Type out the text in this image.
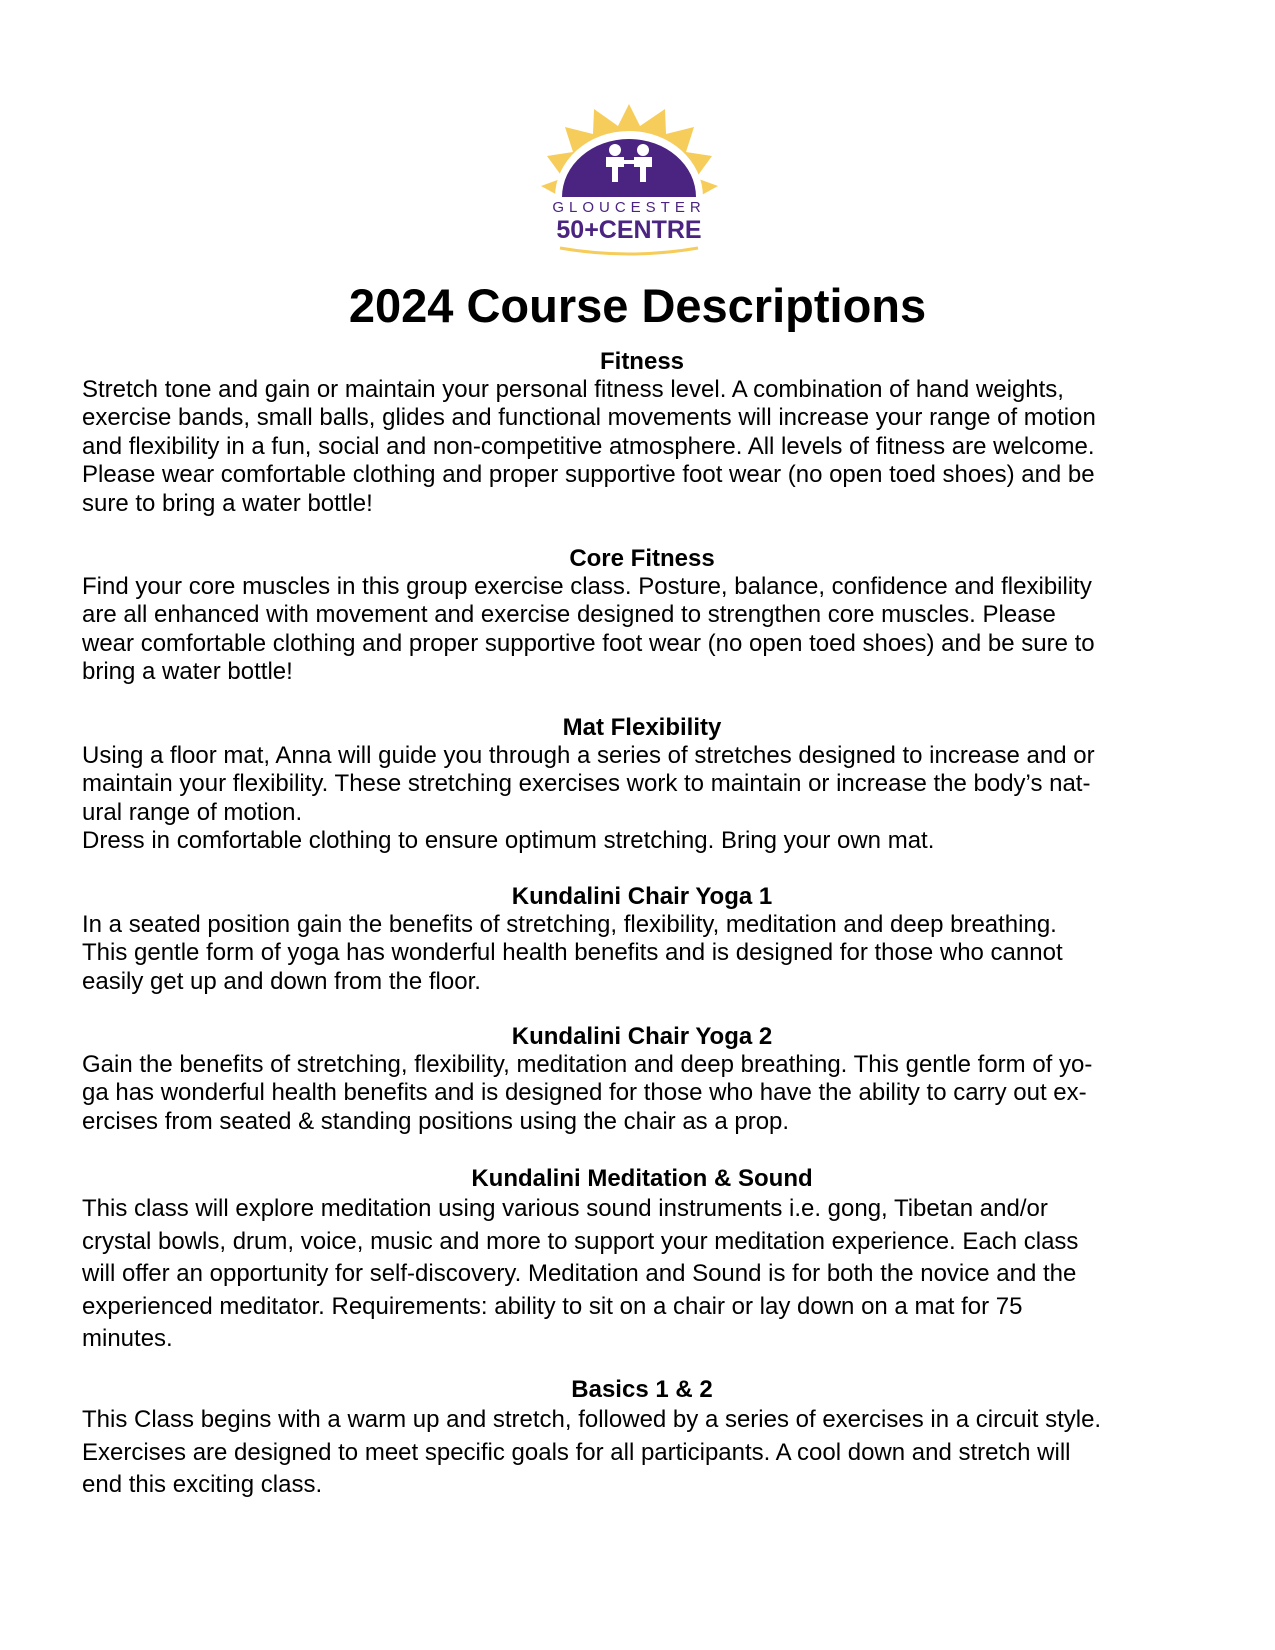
GLOUCESTER
50+CENTRE
2024 Course Descriptions
Fitness

Stretch tone and gain or maintain your personal fitness level. A combination of hand weights,

exercise bands, small balls, glides and functional movements will increase your range of motion

and flexibility in a fun, social and non-competitive atmosphere. All levels of fitness are welcome.

Please wear comfortable clothing and proper supportive foot wear (no open toed shoes) and be

sure to bring a water bottle!

Core Fitness

Find your core muscles in this group exercise class. Posture, balance, confidence and flexibility

are all enhanced with movement and exercise designed to strengthen core muscles. Please

wear comfortable clothing and proper supportive foot wear (no open toed shoes) and be sure to

bring a water bottle!

Mat Flexibility

Using a floor mat, Anna will guide you through a series of stretches designed to increase and or

maintain your flexibility. These stretching exercises work to maintain or increase the body’s nat-

ural range of motion.

Dress in comfortable clothing to ensure optimum stretching. Bring your own mat.

Kundalini Chair Yoga 1

In a seated position gain the benefits of stretching, flexibility, meditation and deep breathing.

This gentle form of yoga has wonderful health benefits and is designed for those who cannot

easily get up and down from the floor.

Kundalini Chair Yoga 2

Gain the benefits of stretching, flexibility, meditation and deep breathing. This gentle form of yo-

ga has wonderful health benefits and is designed for those who have the ability to carry out ex-

ercises from seated & standing positions using the chair as a prop.

Kundalini Meditation & Sound

This class will explore meditation using various sound instruments i.e. gong, Tibetan and/or

crystal bowls, drum, voice, music and more to support your meditation experience. Each class

will offer an opportunity for self-discovery. Meditation and Sound is for both the novice and the

experienced meditator. Requirements: ability to sit on a chair or lay down on a mat for 75

minutes.

Basics 1 & 2

This Class begins with a warm up and stretch, followed by a series of exercises in a circuit style.

Exercises are designed to meet specific goals for all participants. A cool down and stretch will

end this exciting class.
